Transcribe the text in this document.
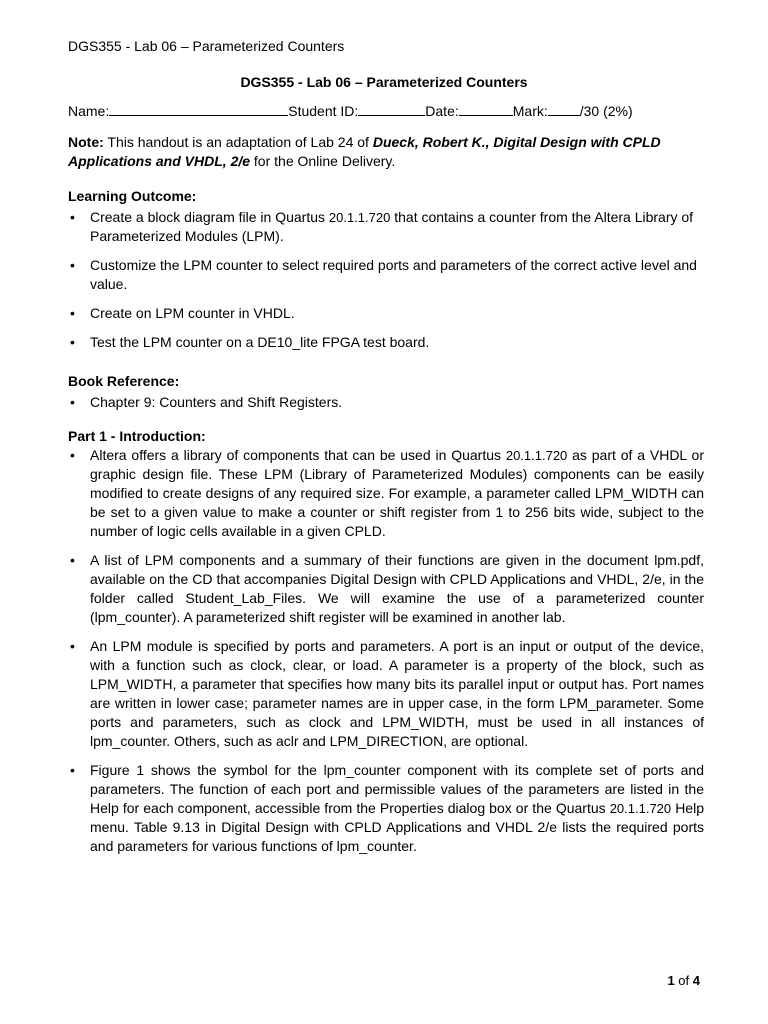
DGS355 - Lab 06 – Parameterized Counters
DGS355 - Lab 06 – Parameterized Counters
Name:	Student ID:	Date:	Mark: /30 (2%)
Note: This handout is an adaptation of Lab 24 of Dueck, Robert K., Digital Design with CPLD Applications and VHDL, 2/e for the Online Delivery.
Learning Outcome:
• Create a block diagram file in Quartus 20.1.1.720 that contains a counter from the Altera Library of Parameterized Modules (LPM).
• Customize the LPM counter to select required ports and parameters of the correct active level and value.
• Create on LPM counter in VHDL.
• Test the LPM counter on a DE10_lite FPGA test board.
Book Reference:
• Chapter 9: Counters and Shift Registers.
Part 1 - Introduction:
• Altera offers a library of components that can be used in Quartus 20.1.1.720 as part of a VHDL or graphic design file. These LPM (Library of Parameterized Modules) components can be easily modified to create designs of any required size. For example, a parameter called LPM_WIDTH can be set to a given value to make a counter or shift register from 1 to 256 bits wide, subject to the number of logic cells available in a given CPLD.
• A list of LPM components and a summary of their functions are given in the document lpm.pdf, available on the CD that accompanies Digital Design with CPLD Applications and VHDL, 2/e, in the folder called Student_Lab_Files. We will examine the use of a parameterized counter (lpm_counter). A parameterized shift register will be examined in another lab.
• An LPM module is specified by ports and parameters. A port is an input or output of the device, with a function such as clock, clear, or load. A parameter is a property of the block, such as LPM_WIDTH, a parameter that specifies how many bits its parallel input or output has. Port names are written in lower case; parameter names are in upper case, in the form LPM_parameter. Some ports and parameters, such as clock and LPM_WIDTH, must be used in all instances of lpm_counter. Others, such as aclr and LPM_DIRECTION, are optional.
• Figure 1 shows the symbol for the lpm_counter component with its complete set of ports and parameters. The function of each port and permissible values of the parameters are listed in the Help for each component, accessible from the Properties dialog box or the Quartus 20.1.1.720 Help menu. Table 9.13 in Digital Design with CPLD Applications and VHDL 2/e lists the required ports and parameters for various functions of lpm_counter.
1 of 4
